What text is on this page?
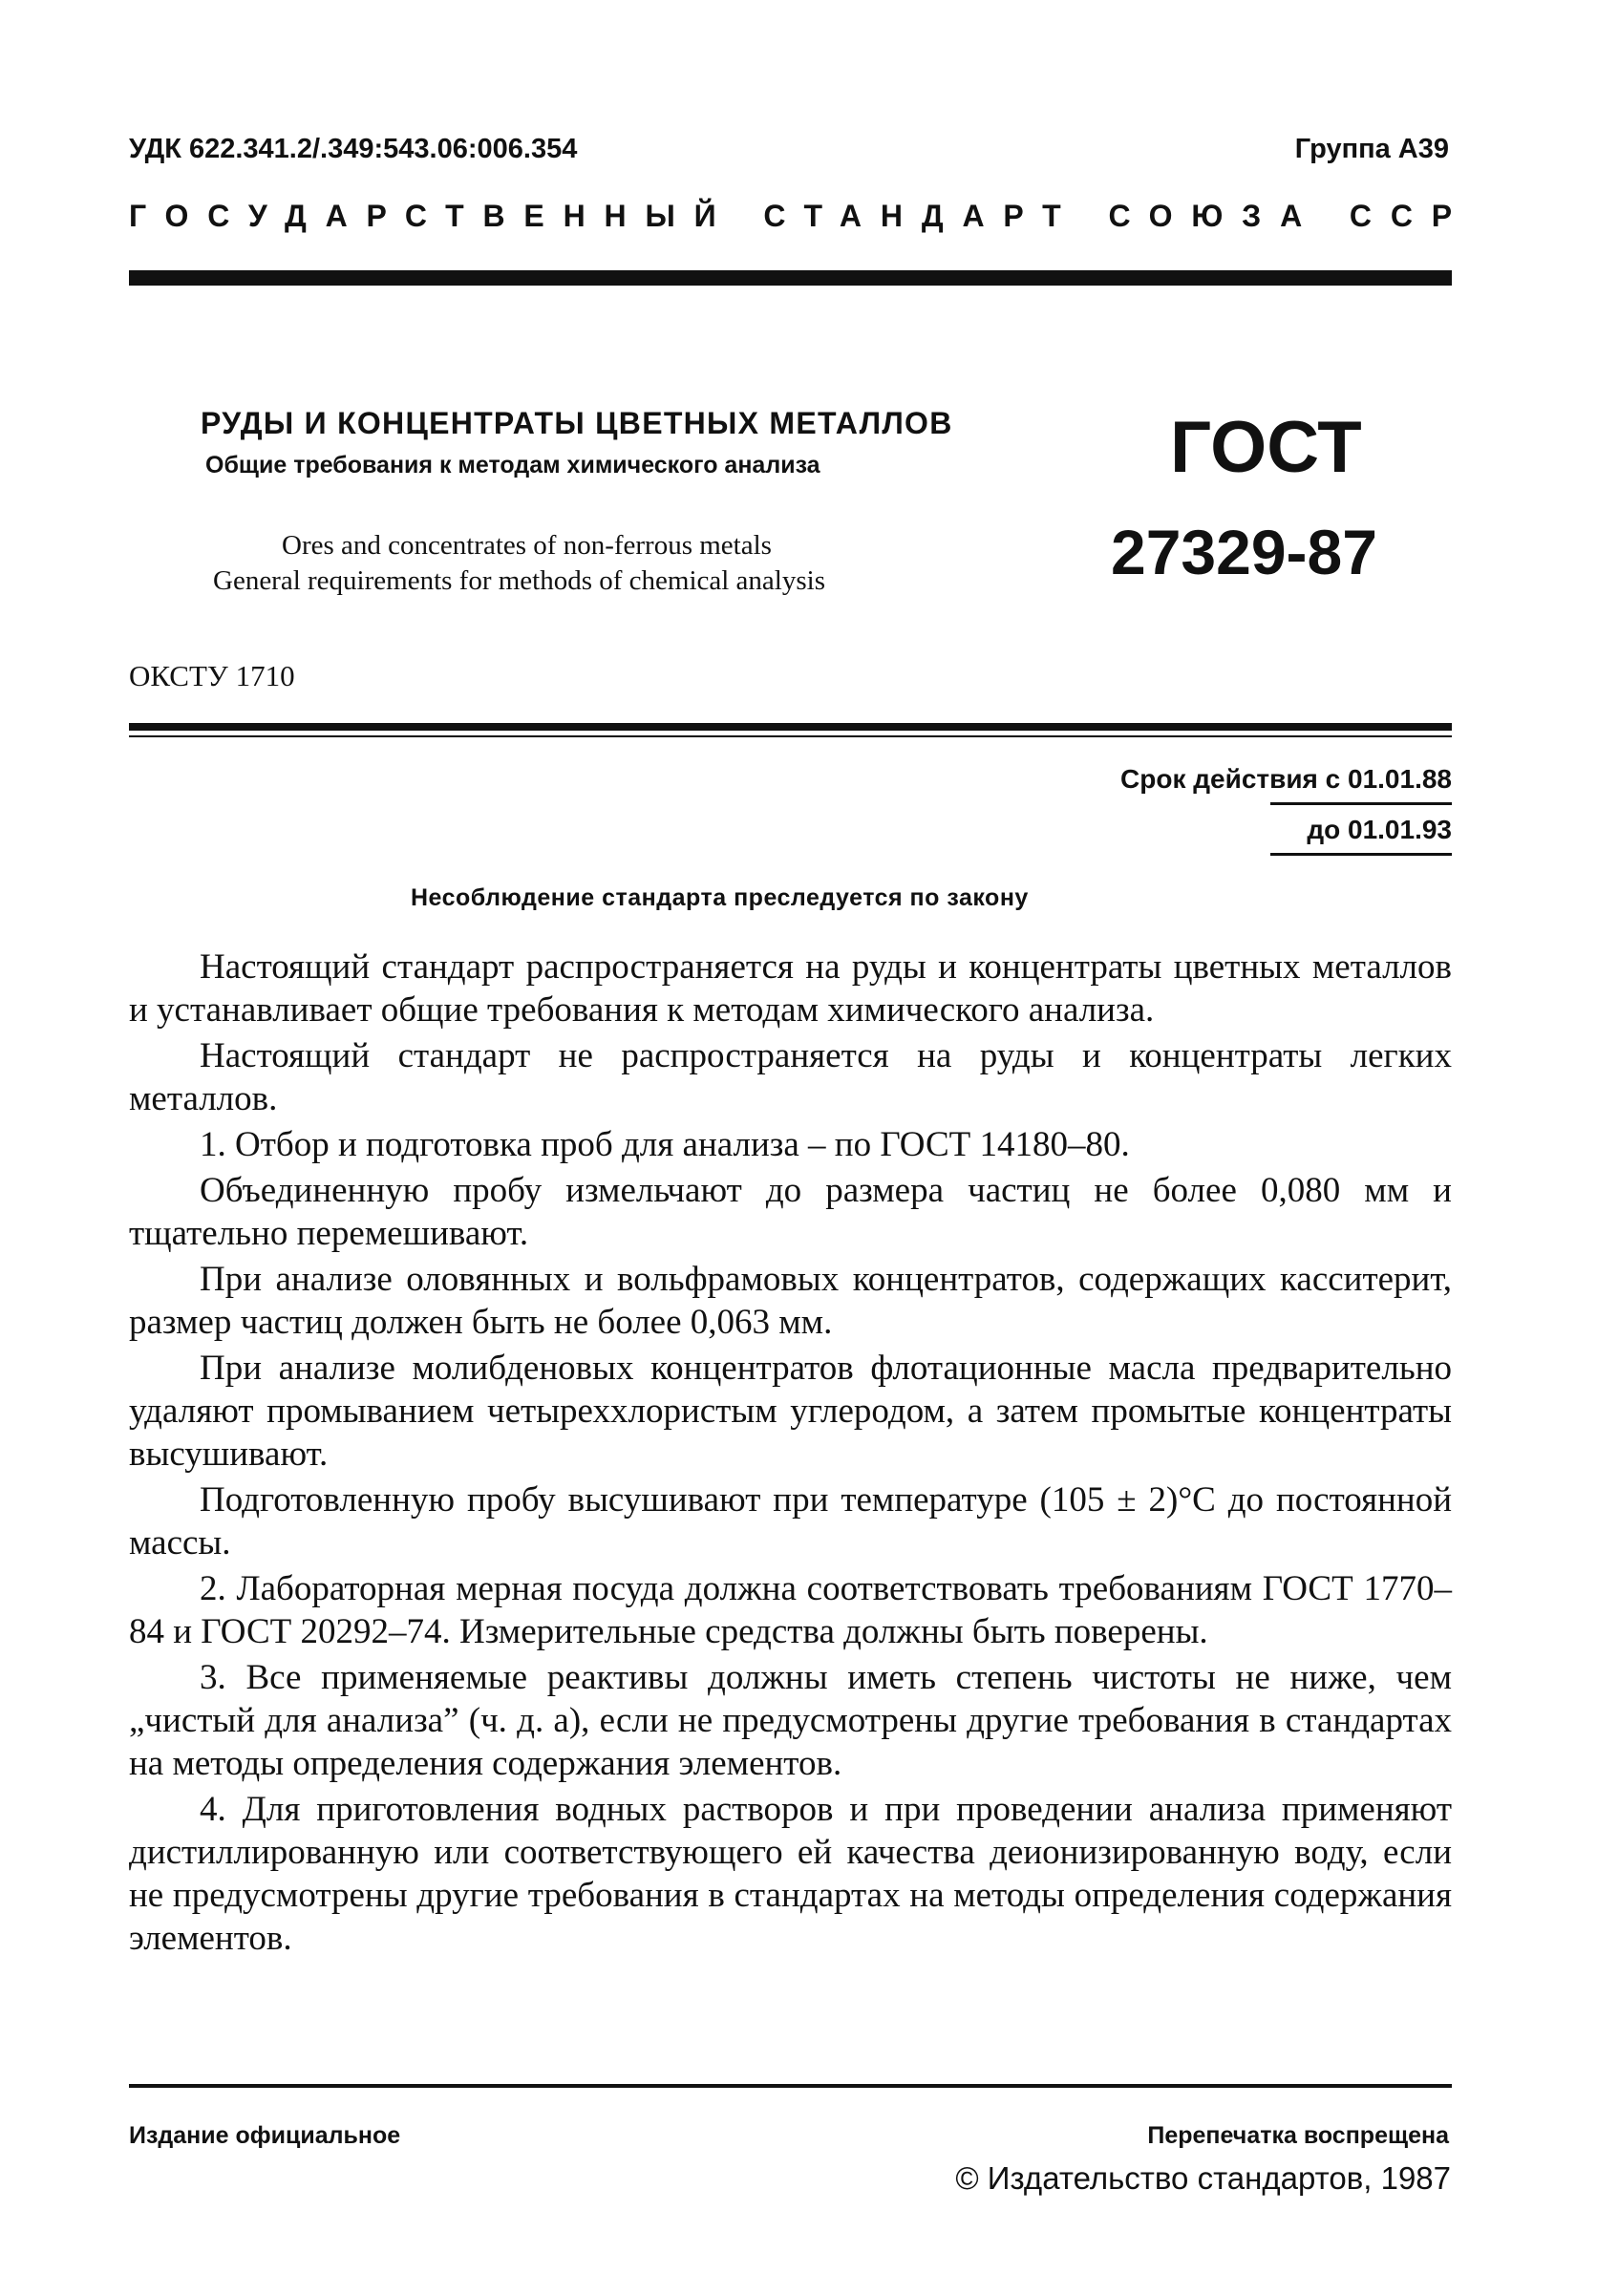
УДК 622.341.2/.349:543.06:006.354	Группа А39
ГОСУДАРСТВЕННЫЙ СТАНДАРТ СОЮЗА ССР
РУДЫ И КОНЦЕНТРАТЫ ЦВЕТНЫХ МЕТАЛЛОВ
Общие требования к методам химического анализа
Ores and concentrates of non-ferrous metals
General requirements for methods of chemical analysis
ГОСТ
27329-87
ОКСТУ 1710
Срок действия с 01.01.88
до 01.01.93
Несоблюдение стандарта преследуется по закону

Настоящий стандарт распространяется на руды и концентраты цветных металлов и устанавливает общие требования к методам химического анализа.

Настоящий стандарт не распространяется на руды и концентраты легких металлов.

1. Отбор и подготовка проб для анализа – по ГОСТ 14180–80.

Объединенную пробу измельчают до размера частиц не более 0,080 мм и тщательно перемешивают.

При анализе оловянных и вольфрамовых концентратов, содержащих касситерит, размер частиц должен быть не более 0,063 мм.

При анализе молибденовых концентратов флотационные масла предварительно удаляют промыванием четыреххлористым углеродом, а затем промытые концентраты высушивают.

Подготовленную пробу высушивают при температуре (105 ± 2)°С до постоянной массы.

2. Лабораторная мерная посуда должна соответствовать требованиям ГОСТ 1770–84 и ГОСТ 20292–74. Измерительные средства должны быть поверены.

3. Все применяемые реактивы должны иметь степень чистоты не ниже, чем „чистый для анализа” (ч. д. а), если не предусмотрены другие требования в стандартах на методы определения содержания элементов.

4. Для приготовления водных растворов и при проведении анализа применяют дистиллированную или соответствующего ей качества деионизированную воду, если не предусмотрены другие требования в стандартах на методы определения содержания элементов.

Издание официальное	Перепечатка воспрещена
© Издательство стандартов, 1987
